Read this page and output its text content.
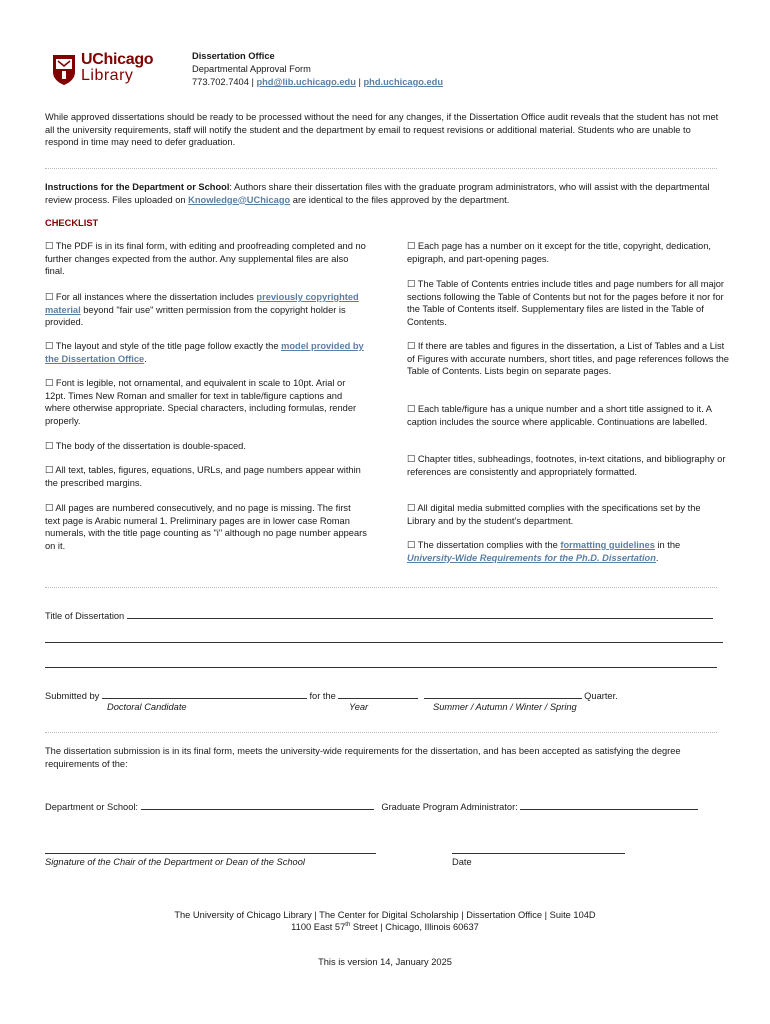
UChicago
Library
Dissertation Office
Departmental Approval Form
773.702.7404 | phd@lib.uchicago.edu | phd.uchicago.edu
While approved dissertations should be ready to be processed without the need for any changes, if the Dissertation Office audit reveals that the student has not met all the university requirements, staff will notify the student and the department by email to request revisions or additional material. Students who are unable to respond in time may need to defer graduation.
Instructions for the Department or School: Authors share their dissertation files with the graduate program administrators, who will assist with the departmental review process. Files uploaded on Knowledge@UChicago are identical to the files approved by the department.
CHECKLIST
☐ The PDF is in its final form, with editing and proofreading completed and no further changes expected from the author. Any supplemental files are also final.
☐ For all instances where the dissertation includes previously copyrighted material beyond "fair use" written permission from the copyright holder is provided.
☐ The layout and style of the title page follow exactly the model provided by the Dissertation Office.
☐ Font is legible, not ornamental, and equivalent in scale to 10pt. Arial or 12pt. Times New Roman and smaller for text in table/figure captions and where otherwise appropriate. Special characters, including formulas, render properly.
☐ The body of the dissertation is double-spaced.
☐ All text, tables, figures, equations, URLs, and page numbers appear within the prescribed margins.
☐ All pages are numbered consecutively, and no page is missing. The first text page is Arabic numeral 1. Preliminary pages are in lower case Roman numerals, with the title page counting as "i" although no page number appears on it.
☐ Each page has a number on it except for the title, copyright, dedication, epigraph, and part-opening pages.
☐ The Table of Contents entries include titles and page numbers for all major sections following the Table of Contents but not for the pages before it nor for the Table of Contents itself. Supplementary files are listed in the Table of Contents.
☐ If there are tables and figures in the dissertation, a List of Tables and a List of Figures with accurate numbers, short titles, and page references follows the Table of Contents. Lists begin on separate pages.
☐ Each table/figure has a unique number and a short title assigned to it. A caption includes the source where applicable. Continuations are labelled.
☐ Chapter titles, subheadings, footnotes, in-text citations, and bibliography or references are consistently and appropriately formatted.
☐ All digital media submitted complies with the specifications set by the Library and by the student’s department.
☐ The dissertation complies with the formatting guidelines in the University-Wide Requirements for the Ph.D. Dissertation.
Title of Dissertation
Submitted by	for the	Quarter.
Doctoral Candidate	Year	Summer / Autumn / Winter / Spring
The dissertation submission is in its final form, meets the university-wide requirements for the dissertation, and has been accepted as satisfying the degree requirements of the:
Department or School:	Graduate Program Administrator:
Signature of the Chair of the Department or Dean of the School	Date
The University of Chicago Library | The Center for Digital Scholarship | Dissertation Office | Suite 104D
1100 East 57th Street | Chicago, Illinois 60637
This is version 14, January 2025
